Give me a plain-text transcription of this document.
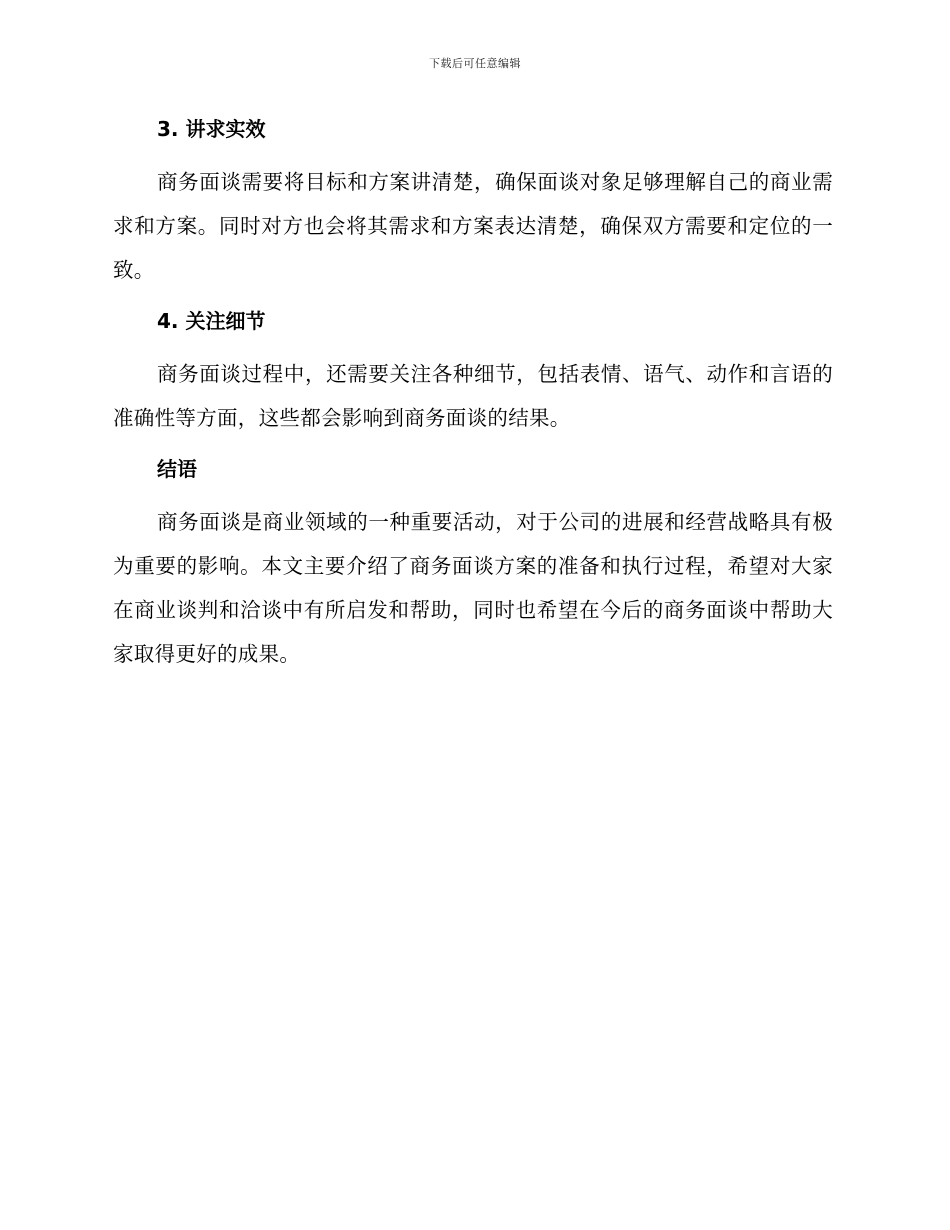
下载后可任意编辑
3. 讲求实效

商务面谈需要将目标和方案讲清楚，确保面谈对象足够理解自己的商业需求和方案。同时对方也会将其需求和方案表达清楚，确保双方需要和定位的一致。

4. 关注细节

商务面谈过程中，还需要关注各种细节，包括表情、语气、动作和言语的准确性等方面，这些都会影响到商务面谈的结果。

结语

商务面谈是商业领域的一种重要活动，对于公司的进展和经营战略具有极为重要的影响。本文主要介绍了商务面谈方案的准备和执行过程，希望对大家在商业谈判和洽谈中有所启发和帮助，同时也希望在今后的商务面谈中帮助大家取得更好的成果。
